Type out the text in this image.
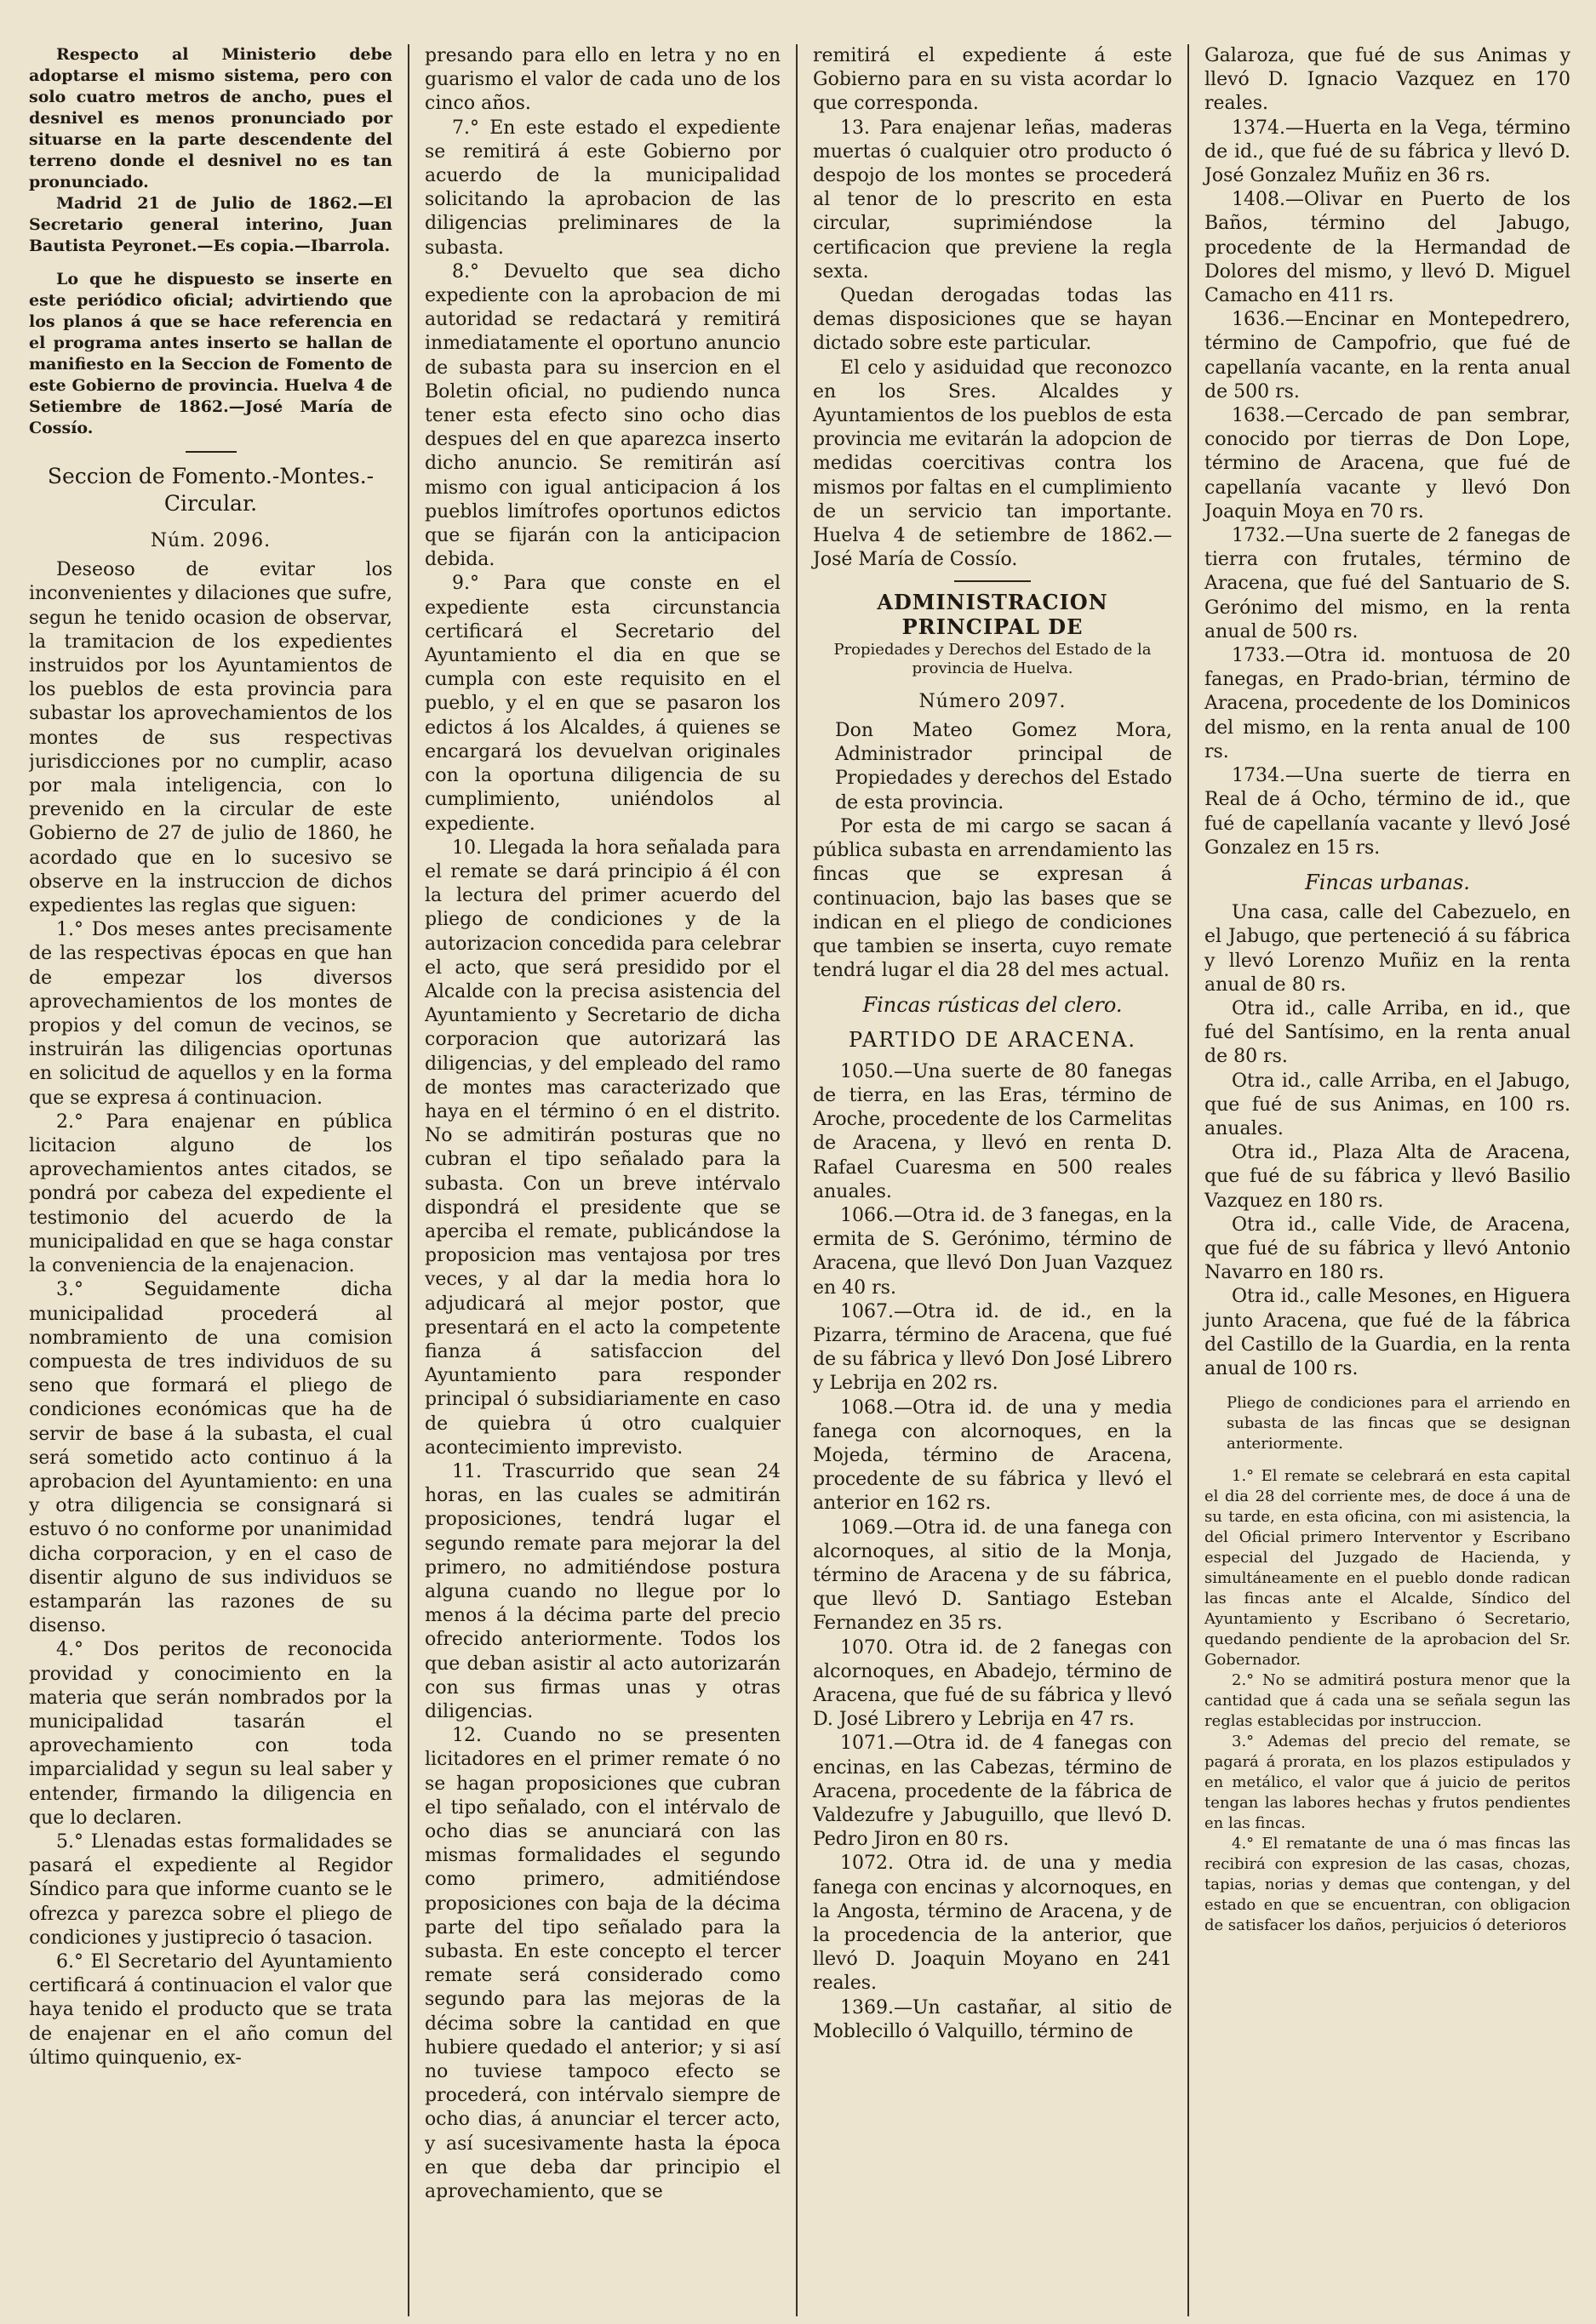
Respecto al Ministerio debe adoptarse el mismo sistema, pero con solo cuatro metros de ancho, pues el desnivel es menos pronunciado por situarse en la parte descendente del terreno donde el desnivel no es tan pronunciado.

Madrid 21 de Julio de 1862.—El Secretario general interino, Juan Bautista Peyronet.—Es copia.—Ibarrola.

Lo que he dispuesto se inserte en este periódico oficial; advirtiendo que los planos á que se hace referencia en el programa antes inserto se hallan de manifiesto en la Seccion de Fomento de este Gobierno de provincia. Huelva 4 de Setiembre de 1862.—José María de Cossío.

Seccion de Fomento.-Montes.-Circular.

Núm. 2096.

Deseoso de evitar los inconvenientes y dilaciones que sufre, segun he tenido ocasion de observar, la tramitacion de los expedientes instruidos por los Ayuntamientos de los pueblos de esta provincia para subastar los aprovechamientos de los montes de sus respectivas jurisdicciones por no cumplir, acaso por mala inteligencia, con lo prevenido en la circular de este Gobierno de 27 de julio de 1860, he acordado que en lo sucesivo se observe en la instruccion de dichos expedientes las reglas que siguen:

1.° Dos meses antes precisamente de las respectivas épocas en que han de empezar los diversos aprovechamientos de los montes de propios y del comun de vecinos, se instruirán las diligencias oportunas en solicitud de aquellos y en la forma que se expresa á continuacion.

2.° Para enajenar en pública licitacion alguno de los aprovechamientos antes citados, se pondrá por cabeza del expediente el testimonio del acuerdo de la municipalidad en que se haga constar la conveniencia de la enajenacion.

3.° Seguidamente dicha municipalidad procederá al nombramiento de una comision compuesta de tres individuos de su seno que formará el pliego de condiciones económicas que ha de servir de base á la subasta, el cual será sometido acto continuo á la aprobacion del Ayuntamiento: en una y otra diligencia se consignará si estuvo ó no conforme por unanimidad dicha corporacion, y en el caso de disentir alguno de sus individuos se estamparán las razones de su disenso.

4.° Dos peritos de reconocida providad y conocimiento en la materia que serán nombrados por la municipalidad tasarán el aprovechamiento con toda imparcialidad y segun su leal saber y entender, firmando la diligencia en que lo declaren.

5.° Llenadas estas formalidades se pasará el expediente al Regidor Síndico para que informe cuanto se le ofrezca y parezca sobre el pliego de condiciones y justiprecio ó tasacion.

6.° El Secretario del Ayuntamiento certificará á continuacion el valor que haya tenido el producto que se trata de enajenar en el año comun del último quinquenio, ex-

presando para ello en letra y no en guarismo el valor de cada uno de los cinco años.

7.° En este estado el expediente se remitirá á este Gobierno por acuerdo de la municipalidad solicitando la aprobacion de las diligencias preliminares de la subasta.

8.° Devuelto que sea dicho expediente con la aprobacion de mi autoridad se redactará y remitirá inmediatamente el oportuno anuncio de subasta para su insercion en el Boletin oficial, no pudiendo nunca tener esta efecto sino ocho dias despues del en que aparezca inserto dicho anuncio. Se remitirán así mismo con igual anticipacion á los pueblos limítrofes oportunos edictos que se fijarán con la anticipacion debida.

9.° Para que conste en el expediente esta circunstancia certificará el Secretario del Ayuntamiento el dia en que se cumpla con este requisito en el pueblo, y el en que se pasaron los edictos á los Alcaldes, á quienes se encargará los devuelvan originales con la oportuna diligencia de su cumplimiento, uniéndolos al expediente.

10. Llegada la hora señalada para el remate se dará principio á él con la lectura del primer acuerdo del pliego de condiciones y de la autorizacion concedida para celebrar el acto, que será presidido por el Alcalde con la precisa asistencia del Ayuntamiento y Secretario de dicha corporacion que autorizará las diligencias, y del empleado del ramo de montes mas caracterizado que haya en el término ó en el distrito. No se admitirán posturas que no cubran el tipo señalado para la subasta. Con un breve intérvalo dispondrá el presidente que se aperciba el remate, publicándose la proposicion mas ventajosa por tres veces, y al dar la media hora lo adjudicará al mejor postor, que presentará en el acto la competente fianza á satisfaccion del Ayuntamiento para responder principal ó subsidiariamente en caso de quiebra ú otro cualquier acontecimiento imprevisto.

11. Trascurrido que sean 24 horas, en las cuales se admitirán proposiciones, tendrá lugar el segundo remate para mejorar la del primero, no admitiéndose postura alguna cuando no llegue por lo menos á la décima parte del precio ofrecido anteriormente. Todos los que deban asistir al acto autorizarán con sus firmas unas y otras diligencias.

12. Cuando no se presenten licitadores en el primer remate ó no se hagan proposiciones que cubran el tipo señalado, con el intérvalo de ocho dias se anunciará con las mismas formalidades el segundo como primero, admitiéndose proposiciones con baja de la décima parte del tipo señalado para la subasta. En este concepto el tercer remate será considerado como segundo para las mejoras de la décima sobre la cantidad en que hubiere quedado el anterior; y si así no tuviese tampoco efecto se procederá, con intérvalo siempre de ocho dias, á anunciar el tercer acto, y así sucesivamente hasta la época en que deba dar principio el aprovechamiento, que se

remitirá el expediente á este Gobierno para en su vista acordar lo que corresponda.

13. Para enajenar leñas, maderas muertas ó cualquier otro producto ó despojo de los montes se procederá al tenor de lo prescrito en esta circular, suprimiéndose la certificacion que previene la regla sexta.

Quedan derogadas todas las demas disposiciones que se hayan dictado sobre este particular.

El celo y asiduidad que reconozco en los Sres. Alcaldes y Ayuntamientos de los pueblos de esta provincia me evitarán la adopcion de medidas coercitivas contra los mismos por faltas en el cumplimiento de un servicio tan importante. Huelva 4 de setiembre de 1862.—José María de Cossío.

ADMINISTRACION PRINCIPAL DE

Propiedades y Derechos del Estado de la provincia de Huelva.

Número 2097.

Don Mateo Gomez Mora, Administrador principal de Propiedades y derechos del Estado de esta provincia.

Por esta de mi cargo se sacan á pública subasta en arrendamiento las fincas que se expresan á continuacion, bajo las bases que se indican en el pliego de condiciones que tambien se inserta, cuyo remate tendrá lugar el dia 28 del mes actual.

Fincas rústicas del clero.

PARTIDO DE ARACENA.

1050.—Una suerte de 80 fanegas de tierra, en las Eras, término de Aroche, procedente de los Carmelitas de Aracena, y llevó en renta D. Rafael Cuaresma en 500 reales anuales.

1066.—Otra id. de 3 fanegas, en la ermita de S. Gerónimo, término de Aracena, que llevó Don Juan Vazquez en 40 rs.

1067.—Otra id. de id., en la Pizarra, término de Aracena, que fué de su fábrica y llevó Don José Librero y Lebrija en 202 rs.

1068.—Otra id. de una y media fanega con alcornoques, en la Mojeda, término de Aracena, procedente de su fábrica y llevó el anterior en 162 rs.

1069.—Otra id. de una fanega con alcornoques, al sitio de la Monja, término de Aracena y de su fábrica, que llevó D. Santiago Esteban Fernandez en 35 rs.

1070. Otra id. de 2 fanegas con alcornoques, en Abadejo, término de Aracena, que fué de su fábrica y llevó D. José Librero y Lebrija en 47 rs.

1071.—Otra id. de 4 fanegas con encinas, en las Cabezas, término de Aracena, procedente de la fábrica de Valdezufre y Jabuguillo, que llevó D. Pedro Jiron en 80 rs.

1072. Otra id. de una y media fanega con encinas y alcornoques, en la Angosta, término de Aracena, y de la procedencia de la anterior, que llevó D. Joaquin Moyano en 241 reales.

1369.—Un castañar, al sitio de Moblecillo ó Valquillo, término de

Galaroza, que fué de sus Animas y llevó D. Ignacio Vazquez en 170 reales.

1374.—Huerta en la Vega, término de id., que fué de su fábrica y llevó D. José Gonzalez Muñiz en 36 rs.

1408.—Olivar en Puerto de los Baños, término del Jabugo, procedente de la Hermandad de Dolores del mismo, y llevó D. Miguel Camacho en 411 rs.

1636.—Encinar en Montepedrero, término de Campofrio, que fué de capellanía vacante, en la renta anual de 500 rs.

1638.—Cercado de pan sembrar, conocido por tierras de Don Lope, término de Aracena, que fué de capellanía vacante y llevó Don Joaquin Moya en 70 rs.

1732.—Una suerte de 2 fanegas de tierra con frutales, término de Aracena, que fué del Santuario de S. Gerónimo del mismo, en la renta anual de 500 rs.

1733.—Otra id. montuosa de 20 fanegas, en Prado-brian, término de Aracena, procedente de los Dominicos del mismo, en la renta anual de 100 rs.

1734.—Una suerte de tierra en Real de á Ocho, término de id., que fué de capellanía vacante y llevó José Gonzalez en 15 rs.

Fincas urbanas.

Una casa, calle del Cabezuelo, en el Jabugo, que perteneció á su fábrica y llevó Lorenzo Muñiz en la renta anual de 80 rs.

Otra id., calle Arriba, en id., que fué del Santísimo, en la renta anual de 80 rs.

Otra id., calle Arriba, en el Jabugo, que fué de sus Animas, en 100 rs. anuales.

Otra id., Plaza Alta de Aracena, que fué de su fábrica y llevó Basilio Vazquez en 180 rs.

Otra id., calle Vide, de Aracena, que fué de su fábrica y llevó Antonio Navarro en 180 rs.

Otra id., calle Mesones, en Higuera junto Aracena, que fué de la fábrica del Castillo de la Guardia, en la renta anual de 100 rs.

Pliego de condiciones para el arriendo en subasta de las fincas que se designan anteriormente.

1.° El remate se celebrará en esta capital el dia 28 del corriente mes, de doce á una de su tarde, en esta oficina, con mi asistencia, la del Oficial primero Interventor y Escribano especial del Juzgado de Hacienda, y simultáneamente en el pueblo donde radican las fincas ante el Alcalde, Síndico del Ayuntamiento y Escribano ó Secretario, quedando pendiente de la aprobacion del Sr. Gobernador.

2.° No se admitirá postura menor que la cantidad que á cada una se señala segun las reglas establecidas por instruccion.

3.° Ademas del precio del remate, se pagará á prorata, en los plazos estipulados y en metálico, el valor que á juicio de peritos tengan las labores hechas y frutos pendientes en las fincas.

4.° El rematante de una ó mas fincas las recibirá con expresion de las casas, chozas, tapias, norias y demas que contengan, y del estado en que se encuentran, con obligacion de satisfacer los daños, perjuicios ó deterioros
